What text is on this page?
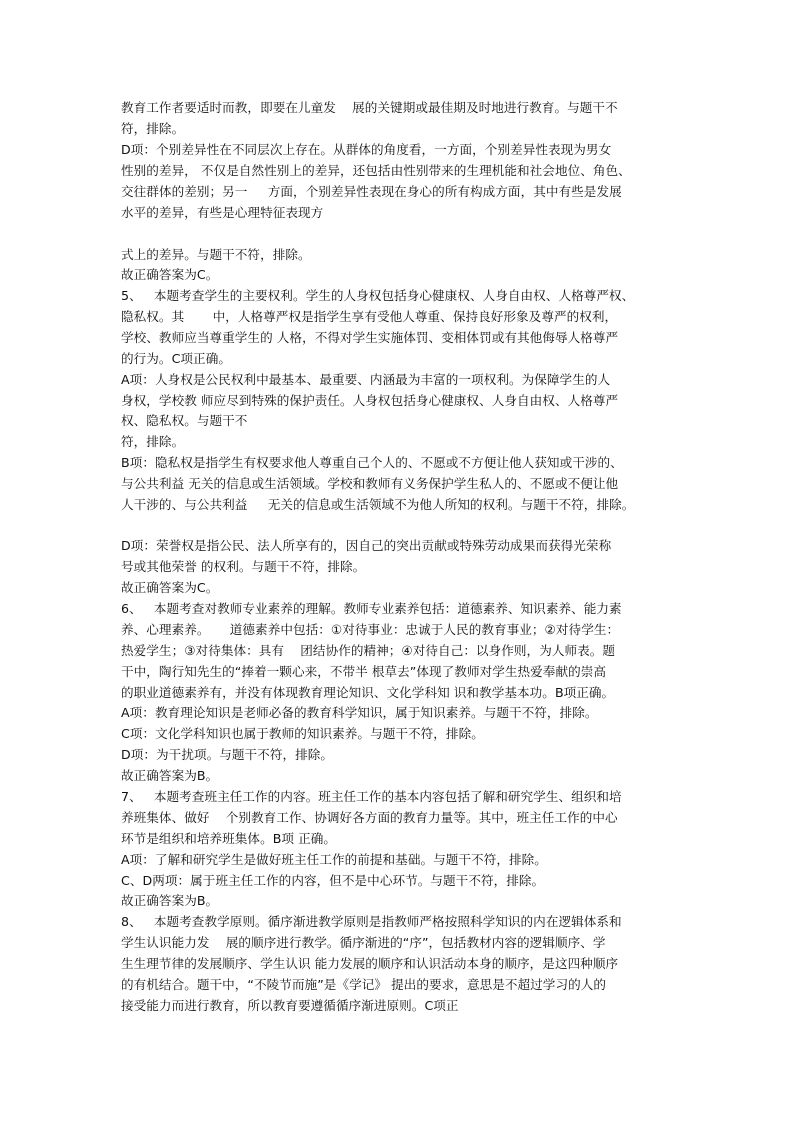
教育工作者要适时而教，即要在儿童发    展的关键期或最佳期及时地进行教育。与题干不

符，排除。

D项：个别差异性在不同层次上存在。从群体的角度看，一方面，个别差异性表现为男女

性别的差异， 不仅是自然性别上的差异，还包括由性别带来的生理机能和社会地位、角色、

交往群体的差别；另一     方面，个别差异性表现在身心的所有构成方面，其中有些是发展

水平的差异，有些是心理特征表现方

式上的差异。与题干不符，排除。

故正确答案为C。

5、   本题考查学生的主要权利。学生的人身权包括身心健康权、人身自由权、人格尊严权、

隐私权。其       中，人格尊严权是指学生享有受他人尊重、保持良好形象及尊严的权利，

学校、教师应当尊重学生的 人格，不得对学生实施体罚、变相体罚或有其他侮辱人格尊严

的行为。C项正确。

A项：人身权是公民权利中最基本、最重要、内涵最为丰富的一项权利。为保障学生的人

身权，学校教 师应尽到特殊的保护责任。人身权包括身心健康权、人身自由权、人格尊严

权、隐私权。与题干不

符，排除。

B项：隐私权是指学生有权要求他人尊重自己个人的、不愿或不方便让他人获知或干涉的、

与公共利益 无关的信息或生活领域。学校和教师有义务保护学生私人的、不愿或不便让他

人干涉的、与公共利益     无关的信息或生活领域不为他人所知的权利。与题干不符，排除。

D项：荣誉权是指公民、法人所享有的，因自己的突出贡献或特殊劳动成果而获得光荣称

号或其他荣誉 的权利。与题干不符，排除。

故正确答案为C。

6、   本题考查对教师专业素养的理解。教师专业素养包括：道德素养、知识素养、能力素

养、心理素养。     道德素养中包括：①对待事业：忠诚于人民的教育事业；②对待学生：

热爱学生；③对待集体：具有    团结协作的精神；④对待自己：以身作则，为人师表。题

干中，陶行知先生的“捧着一颗心来，不带半 根草去”体现了教师对学生热爱奉献的崇高

的职业道德素养有，并没有体现教育理论知识、文化学科知 识和教学基本功。B项正确。

A项：教育理论知识是老师必备的教育科学知识，属于知识素养。与题干不符，排除。

C项：文化学科知识也属于教师的知识素养。与题干不符，排除。

D项：为干扰项。与题干不符，排除。

故正确答案为B。

7、   本题考查班主任工作的内容。班主任工作的基本内容包括了解和研究学生、组织和培

养班集体、做好    个别教育工作、协调好各方面的教育力量等。其中，班主任工作的中心

环节是组织和培养班集体。B项 正确。

A项：了解和研究学生是做好班主任工作的前提和基础。与题干不符，排除。

C、D两项：属于班主任工作的内容，但不是中心环节。与题干不符，排除。

故正确答案为B。

8、   本题考查教学原则。循序渐进教学原则是指教师严格按照科学知识的内在逻辑体系和

学生认识能力发    展的顺序进行教学。循序渐进的“序”，包括教材内容的逻辑顺序、学

生生理节律的发展顺序、学生认识 能力发展的顺序和认识活动本身的顺序，是这四种顺序

的有机结合。题干中，“不陵节而施”是《学记》 提出的要求，意思是不超过学习的人的

接受能力而进行教育，所以教育要遵循循序渐进原则。C项正
